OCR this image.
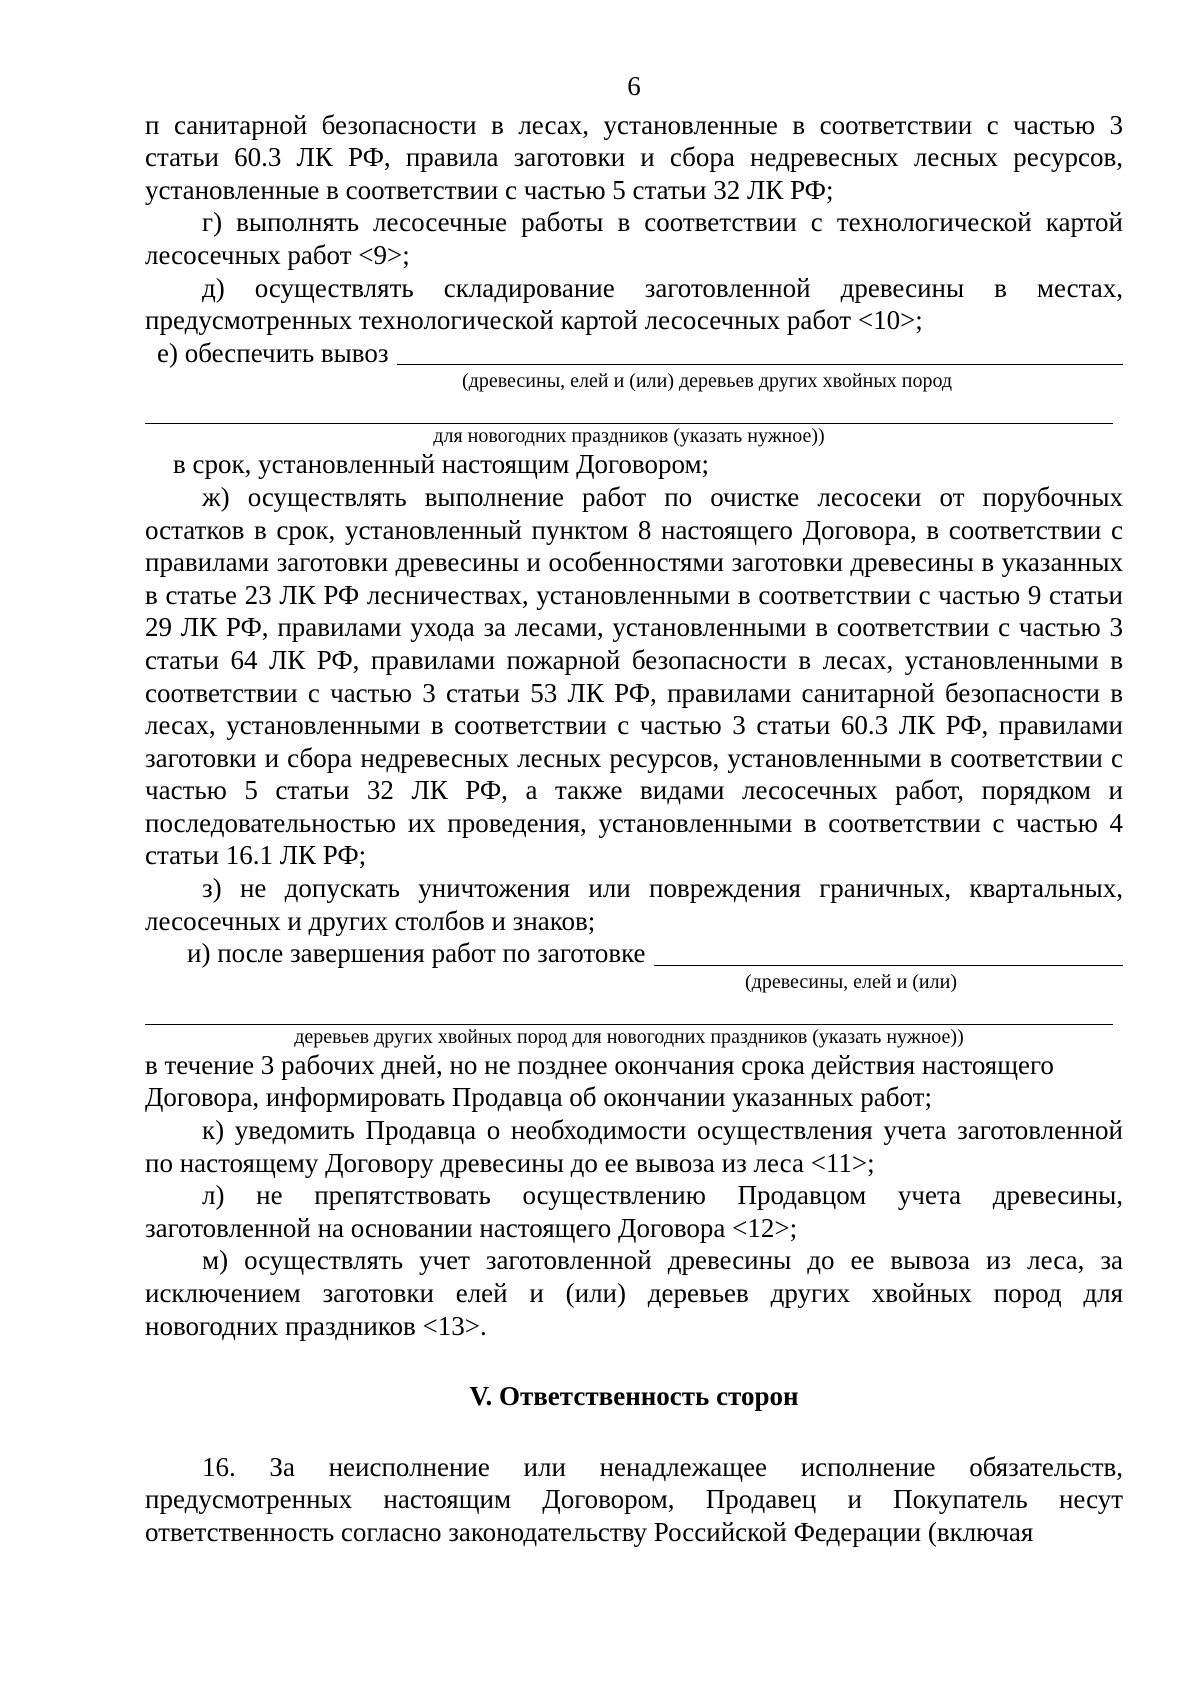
6

п санитарной безопасности в лесах, установленные в соответствии с частью 3 статьи 60.3 ЛК РФ, правила заготовки и сбора недревесных лесных ресурсов, установленные в соответствии с частью 5 статьи 32 ЛК РФ;

г) выполнять лесосечные работы в соответствии с технологической картой лесосечных работ <9>;

д) осуществлять складирование заготовленной древесины в местах, предусмотренных технологической картой лесосечных работ <10>;

е) обеспечить вывоз
(древесины, елей и (или) деревьев других хвойных пород
для новогодних праздников (указать нужное))

в срок, установленный настоящим Договором;

ж) осуществлять выполнение работ по очистке лесосеки от порубочных остатков в срок, установленный пунктом 8 настоящего Договора, в соответствии с правилами заготовки древесины и особенностями заготовки древесины в указанных в статье 23 ЛК РФ лесничествах, установленными в соответствии с частью 9 статьи 29 ЛК РФ, правилами ухода за лесами, установленными в соответствии с частью 3 статьи 64 ЛК РФ, правилами пожарной безопасности в лесах, установленными в соответствии с частью 3 статьи 53 ЛК РФ, правилами санитарной безопасности в лесах, установленными в соответствии с частью 3 статьи 60.3 ЛК РФ, правилами заготовки и сбора недревесных лесных ресурсов, установленными в соответствии с частью 5 статьи 32 ЛК РФ, а также видами лесосечных работ, порядком и последовательностью их проведения, установленными в соответствии с частью 4 статьи 16.1 ЛК РФ;

з) не допускать уничтожения или повреждения граничных, квартальных, лесосечных и других столбов и знаков;

и) после завершения работ по заготовке
(древесины, елей и (или)
деревьев других хвойных пород для новогодних праздников (указать нужное))

в течение 3 рабочих дней, но не позднее окончания срока действия настоящего Договора, информировать Продавца об окончании указанных работ;

к) уведомить Продавца о необходимости осуществления учета заготовленной по настоящему Договору древесины до ее вывоза из леса <11>;

л) не препятствовать осуществлению Продавцом учета древесины, заготовленной на основании настоящего Договора <12>;

м) осуществлять учет заготовленной древесины до ее вывоза из леса, за исключением заготовки елей и (или) деревьев других хвойных пород для новогодних праздников <13>.

V. Ответственность сторон

16. За неисполнение или ненадлежащее исполнение обязательств, предусмотренных настоящим Договором, Продавец и Покупатель несут ответственность согласно законодательству Российской Федерации (включая
